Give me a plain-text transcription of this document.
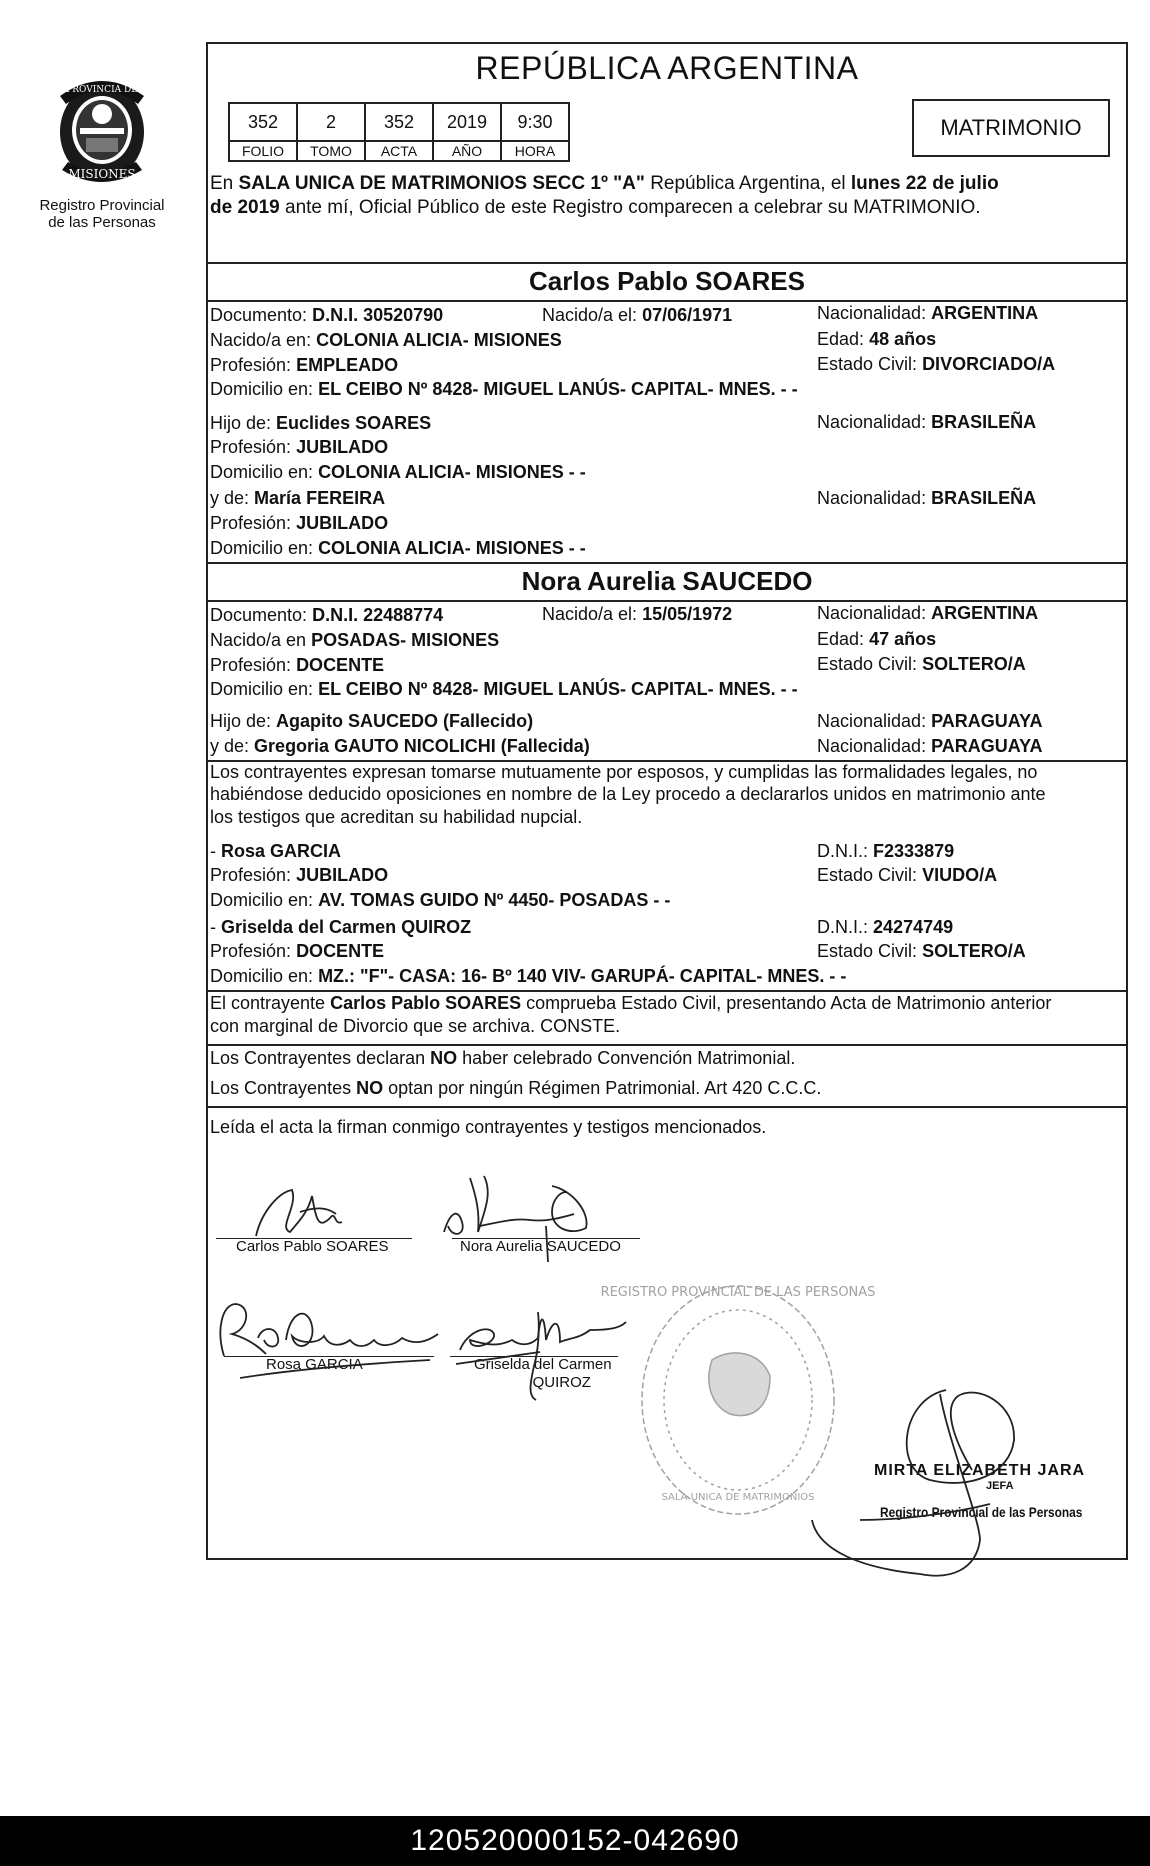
PROVINCIA DE
MISIONES
Registro Provincial
de las Personas
REPÚBLICA ARGENTINA
352	2	352	2019	9:30
FOLIO	TOMO	ACTA	AÑO	HORA
MATRIMONIO
En SALA UNICA DE MATRIMONIOS SECC 1º "A" República Argentina, el lunes 22 de julio
de 2019 ante mí, Oficial Público de este Registro comparecen a celebrar su MATRIMONIO.
Carlos Pablo SOARES
Documento: D.N.I. 30520790	Nacido/a el: 07/06/1971	Nacionalidad: ARGENTINA
Nacido/a en: COLONIA ALICIA- MISIONES	Edad: 48 años
Profesión: EMPLEADO	Estado Civil: DIVORCIADO/A
Domicilio en: EL CEIBO Nº 8428- MIGUEL LANÚS- CAPITAL- MNES. - -
Hijo de: Euclides SOARES	Nacionalidad: BRASILEÑA
Profesión: JUBILADO
Domicilio en: COLONIA ALICIA- MISIONES - -
y de: María FEREIRA	Nacionalidad: BRASILEÑA
Profesión: JUBILADO
Domicilio en: COLONIA ALICIA- MISIONES - -
Nora Aurelia SAUCEDO
Documento: D.N.I. 22488774	Nacido/a el: 15/05/1972	Nacionalidad: ARGENTINA
Nacido/a en POSADAS- MISIONES	Edad: 47 años
Profesión: DOCENTE	Estado Civil: SOLTERO/A
Domicilio en: EL CEIBO Nº 8428- MIGUEL LANÚS- CAPITAL- MNES. - -
Hijo de: Agapito SAUCEDO (Fallecido)	Nacionalidad: PARAGUAYA
y de: Gregoria GAUTO NICOLICHI (Fallecida)	Nacionalidad: PARAGUAYA
Los contrayentes expresan tomarse mutuamente por esposos, y cumplidas las formalidades legales, no
habiéndose deducido oposiciones en nombre de la Ley procedo a declararlos unidos en matrimonio ante
los testigos que acreditan su habilidad nupcial.
- Rosa GARCIA	D.N.I.: F2333879
Profesión: JUBILADO	Estado Civil: VIUDO/A
Domicilio en: AV. TOMAS GUIDO Nº 4450- POSADAS - -
- Griselda del Carmen QUIROZ	D.N.I.: 24274749
Profesión: DOCENTE	Estado Civil: SOLTERO/A
Domicilio en: MZ.: "F"- CASA: 16- Bº 140 VIV- GARUPÁ- CAPITAL- MNES. - -
El contrayente Carlos Pablo SOARES comprueba Estado Civil, presentando Acta de Matrimonio anterior
con marginal de Divorcio que se archiva. CONSTE.
Los Contrayentes declaran NO haber celebrado Convención Matrimonial.
Los Contrayentes NO optan por ningún Régimen Patrimonial. Art 420 C.C.C.
Leída el acta la firman conmigo contrayentes y testigos mencionados.
Carlos Pablo SOARES	Nora Aurelia SAUCEDO
Rosa GARCIA	Griselda del Carmen
QUIROZ
MIRTA ELIZABETH JARA
JEFA
Registro Provincial de las Personas
REGISTRO PROVINCIAL DE LAS PERSONAS
SALA UNICA DE MATRIMONIOS
120520000152-042690
